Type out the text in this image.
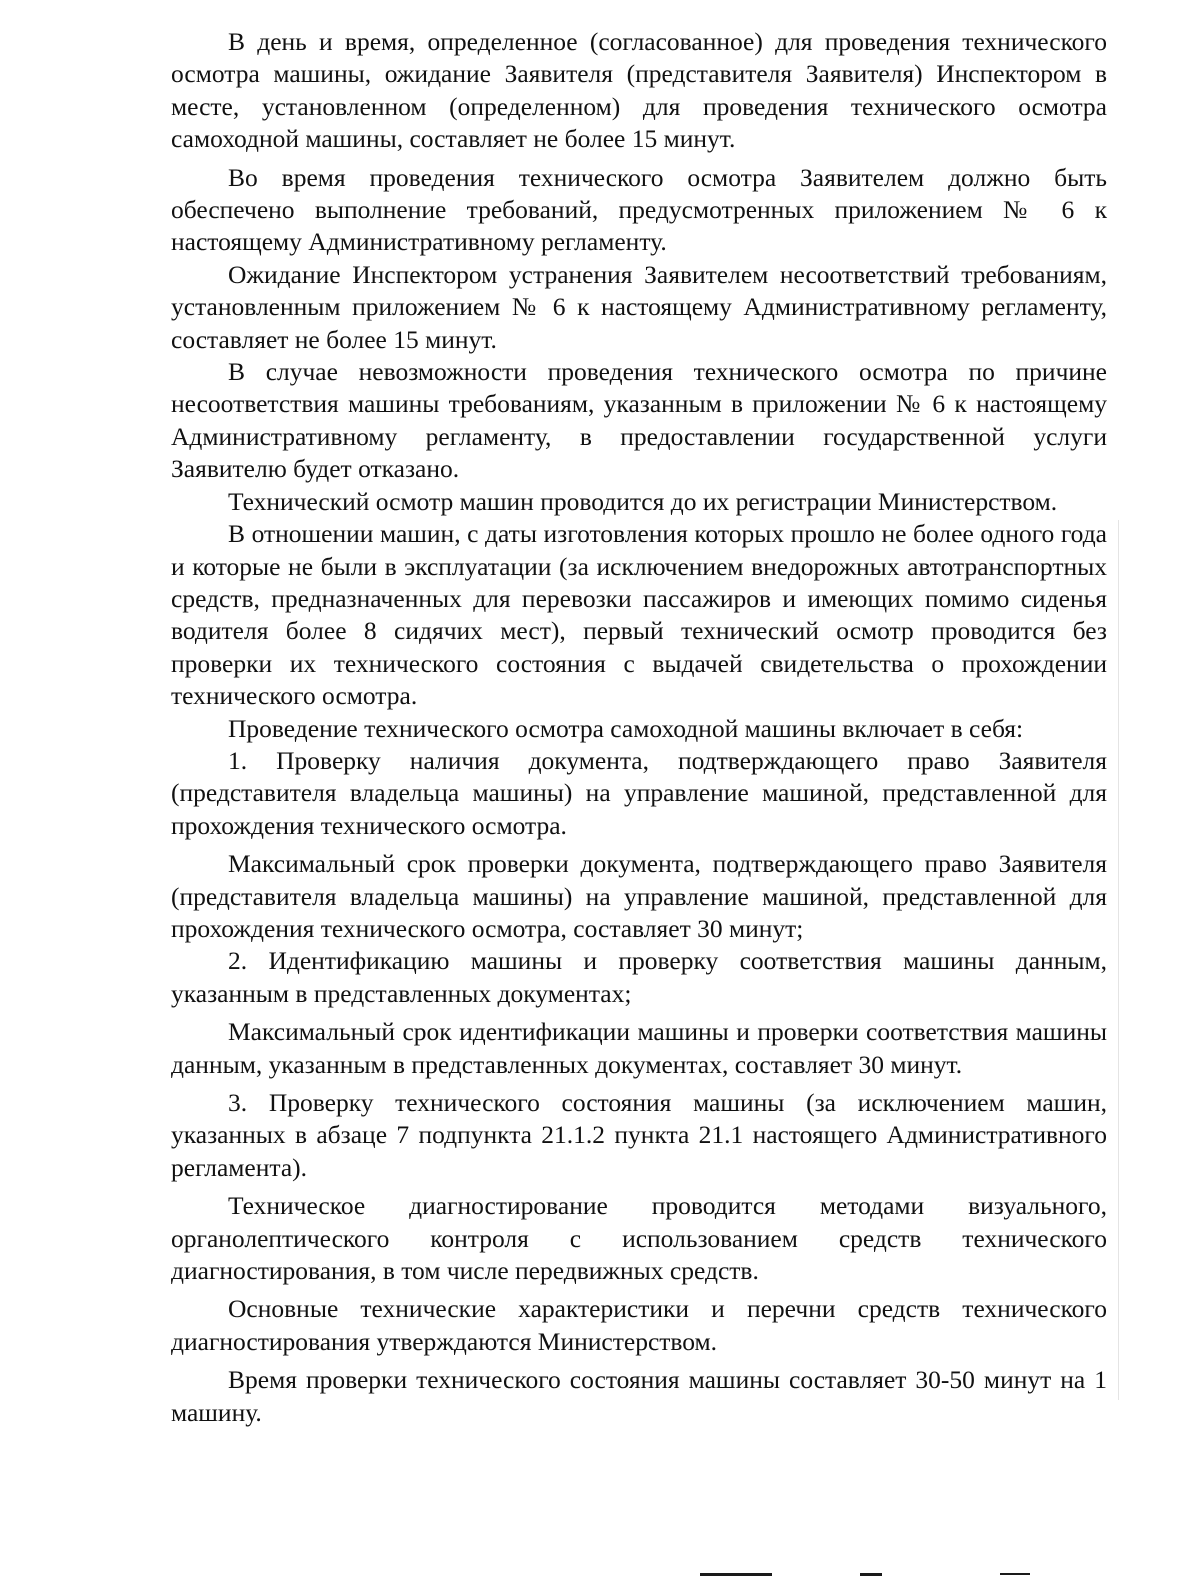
В день и время, определенное (согласованное) для проведения технического осмотра машины, ожидание Заявителя (представителя Заявителя) Инспектором в месте, установленном (определенном) для проведения технического осмотра самоходной машины, составляет не более 15 минут.

Во время проведения технического осмотра Заявителем должно быть обеспечено выполнение требований, предусмотренных приложением № 6 к настоящему Административному регламенту.

Ожидание Инспектором устранения Заявителем несоответствий требованиям, установленным приложением № 6 к настоящему Административному регламенту, составляет не более 15 минут.

В случае невозможности проведения технического осмотра по причине несоответствия машины требованиям, указанным в приложении № 6 к настоящему Административному регламенту, в предоставлении государственной услуги Заявителю будет отказано.

Технический осмотр машин проводится до их регистрации Министерством.

В отношении машин, с даты изготовления которых прошло не более одного года и которые не были в эксплуатации (за исключением внедорожных автотранспортных средств, предназначенных для перевозки пассажиров и имеющих помимо сиденья водителя более 8 сидячих мест), первый технический осмотр проводится без проверки их технического состояния с выдачей свидетельства о прохождении технического осмотра.

Проведение технического осмотра самоходной машины включает в себя:

1. Проверку наличия документа, подтверждающего право Заявителя (представителя владельца машины) на управление машиной, представленной для прохождения технического осмотра.

Максимальный срок проверки документа, подтверждающего право Заявителя (представителя владельца машины) на управление машиной, представленной для прохождения технического осмотра, составляет 30 минут;

2. Идентификацию машины и проверку соответствия машины данным, указанным в представленных документах;

Максимальный срок идентификации машины и проверки соответствия машины данным, указанным в представленных документах, составляет 30 минут.

3. Проверку технического состояния машины (за исключением машин, указанных в абзаце 7 подпункта 21.1.2 пункта 21.1 настоящего Административного регламента).

Техническое диагностирование проводится методами визуального, органолептического контроля с использованием средств технического диагностирования, в том числе передвижных средств.

Основные технические характеристики и перечни средств технического диагностирования утверждаются Министерством.

Время проверки технического состояния машины составляет 30-50 минут на 1 машину.
